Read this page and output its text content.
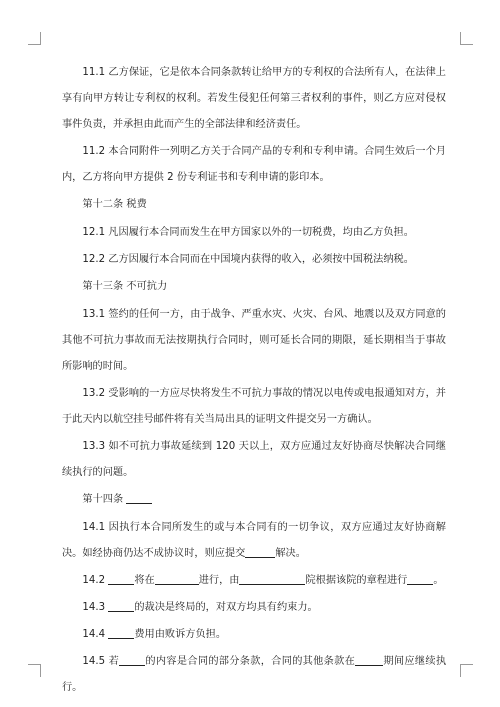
11.1 乙方保证，它是依本合同条款转让给甲方的专利权的合法所有人，在法律上享有向甲方转让专利权的权利。若发生侵犯任何第三者权利的事件，则乙方应对侵权事件负责，并承担由此而产生的全部法律和经济责任。

11.2 本合同附件一列明乙方关于合同产品的专利和专利申请。合同生效后一个月内，乙方将向甲方提供 2 份专利证书和专利申请的影印本。

第十二条 税费

12.1 凡因履行本合同而发生在甲方国家以外的一切税费，均由乙方负担。

12.2 乙方因履行本合同而在中国境内获得的收入，必须按中国税法纳税。

第十三条 不可抗力

13.1 签约的任何一方，由于战争、严重水灾、火灾、台风、地震以及双方同意的其他不可抗力事故而无法按期执行合同时，则可延长合同的期限，延长期相当于事故所影响的时间。

13.2 受影响的一方应尽快将发生不可抗力事故的情况以电传或电报通知对方，并于此天内以航空挂号邮件将有关当局出具的证明文件提交另一方确认。

13.3 如不可抗力事故延续到 120 天以上，双方应通过友好协商尽快解决合同继续执行的问题。

第十四条

14.1 因执行本合同所发生的或与本合同有的一切争议，双方应通过友好协商解决。如经协商仍达不成协议时，则应提交	解决。

14.2	将在	进行，由	院根据该院的章程进行	。

14.3	的裁决是终局的，对双方均具有约束力。

14.4	费用由败诉方负担。

14.5 若	的内容是合同的部分条款，合同的其他条款在	期间应继续执行。
